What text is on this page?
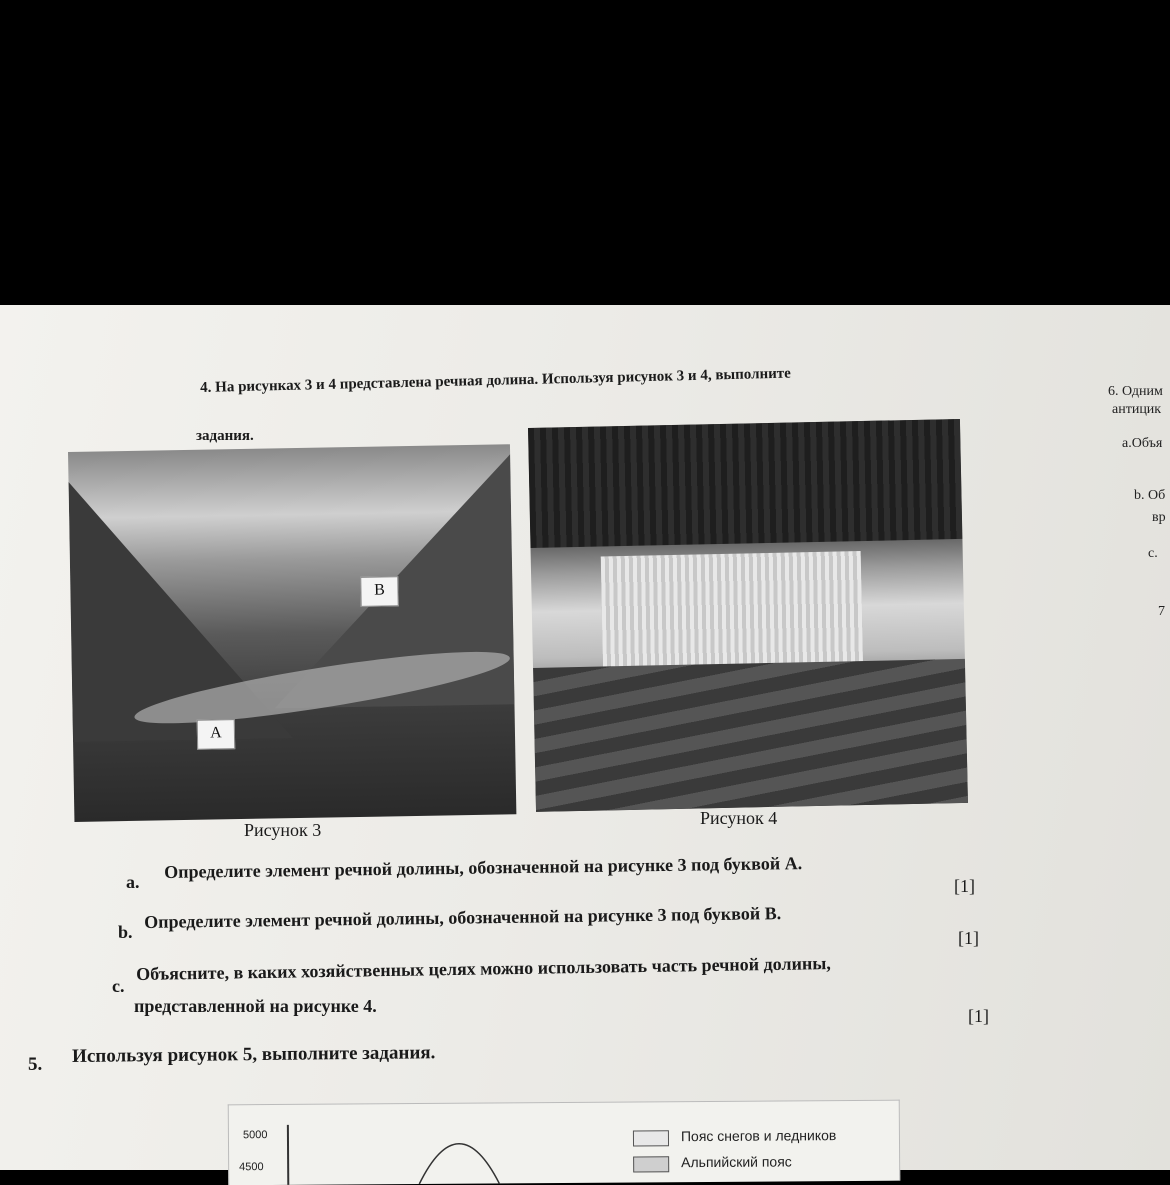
4. На рисунках 3 и 4 представлена речная долина. Используя рисунок 3 и 4, выполните
задания.
В
А
Рисунок 3
Рисунок 4
a.
Определите элемент речной долины, обозначенной на рисунке 3 под буквой А.
[1]
b.
Определите элемент речной долины, обозначенной на рисунке 3 под буквой В.
[1]
c.
Объясните, в каких хозяйственных целях можно использовать часть речной долины,
представленной на рисунке 4.	[1]
5. Используя рисунок 5, выполните задания.
5000
4500
Пояс снегов и ледников
Альпийский пояс
6. Одним
антицик
а.Объя
b. Об
вр
c.
7
